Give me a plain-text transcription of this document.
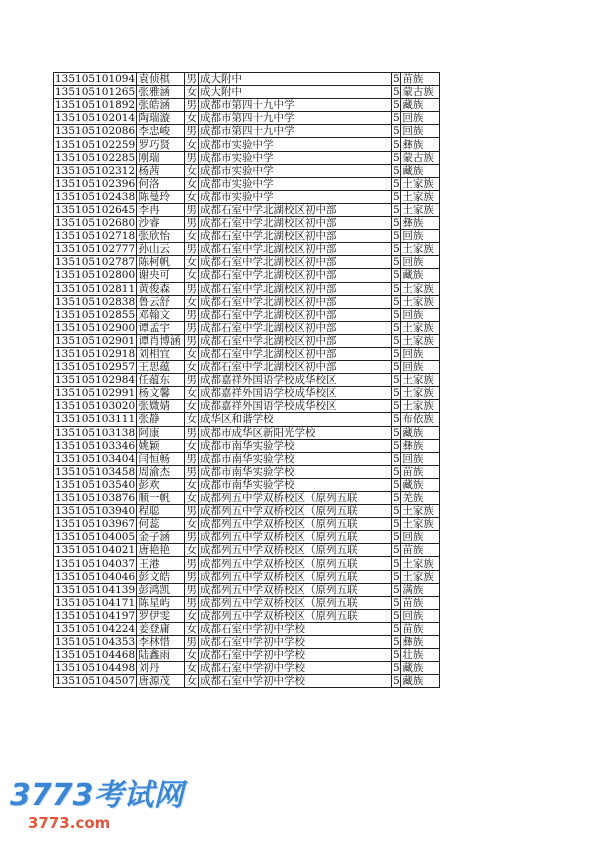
135105101094	袁侦棋	男	成大附中	5	苗族
135105101265	张雅涵	女	成大附中	5	蒙古族
135105101892	张皓涵	男	成都市第四十九中学	5	藏族
135105102014	陶瑞漩	女	成都市第四十九中学	5	回族
135105102086	李忠峻	男	成都市第四十九中学	5	回族
135105102259	罗巧贤	女	成都市实验中学	5	彝族
135105102285	刚瑞	男	成都市实验中学	5	蒙古族
135105102312	杨茜	女	成都市实验中学	5	藏族
135105102396	何洛	女	成都市实验中学	5	土家族
135105102438	陈曼玲	女	成都市实验中学	5	土家族
135105102645	李冉	男	成都石室中学北湖校区初中部	5	土家族
135105102680	沙睿	男	成都石室中学北湖校区初中部	5	彝族
135105102718	张欣怡	女	成都石室中学北湖校区初中部	5	回族
135105102777	孙山云	男	成都石室中学北湖校区初中部	5	土家族
135105102787	陈柯帆	女	成都石室中学北湖校区初中部	5	回族
135105102800	谢央可	女	成都石室中学北湖校区初中部	5	藏族
135105102811	黄俊森	男	成都石室中学北湖校区初中部	5	土家族
135105102838	鲁云舒	女	成都石室中学北湖校区初中部	5	土家族
135105102855	邓翰文	男	成都石室中学北湖校区初中部	5	回族
135105102900	谭孟宇	男	成都石室中学北湖校区初中部	5	土家族
135105102901	谭肖博涵	男	成都石室中学北湖校区初中部	5	土家族
135105102918	刘相宜	女	成都石室中学北湖校区初中部	5	回族
135105102957	王思蕴	女	成都石室中学北湖校区初中部	5	回族
135105102984	任蕴东	男	成都嘉祥外国语学校成华校区	5	土家族
135105102991	杨文馨	女	成都嘉祥外国语学校成华校区	5	土家族
135105103020	张媺婧	女	成都嘉祥外国语学校成华校区	5	土家族
135105103111	张静	女	成华区和谐学校	5	布依族
135105103138	阿康	男	成都市成华区新阳光学校	5	藏族
135105103346	姚颖	女	成都市南华实验学校	5	彝族
135105103404	闫恒畅	男	成都市南华实验学校	5	回族
135105103458	周渝杰	男	成都市南华实验学校	5	苗族
135105103540	彭欢	女	成都市南华实验学校	5	藏族
135105103876	顺一帆	女	成都列五中学双桥校区（原列五联	5	羌族
135105103940	程聪	男	成都列五中学双桥校区（原列五联	5	土家族
135105103967	何蕊	女	成都列五中学双桥校区（原列五联	5	土家族
135105104005	金子涵	男	成都列五中学双桥校区（原列五联	5	回族
135105104021	唐艳艳	女	成都列五中学双桥校区（原列五联	5	苗族
135105104037	王港	男	成都列五中学双桥校区（原列五联	5	土家族
135105104046	彭文皓	男	成都列五中学双桥校区（原列五联	5	土家族
135105104139	彭鸿凯	男	成都列五中学双桥校区（原列五联	5	满族
135105104171	陈星屿	男	成都列五中学双桥校区（原列五联	5	苗族
135105104197	罗伊雯	女	成都列五中学双桥校区（原列五联	5	回族
135105104224	姜登庸	女	成都石室中学初中学校	5	苗族
135105104353	李林惜	男	成都石室中学初中学校	5	彝族
135105104468	陆鑫雨	女	成都石室中学初中学校	5	壮族
135105104498	刘丹	女	成都石室中学初中学校	5	藏族
135105104507	唐源茂	女	成都石室中学初中学校	5	藏族
3773考试网
3773.com
